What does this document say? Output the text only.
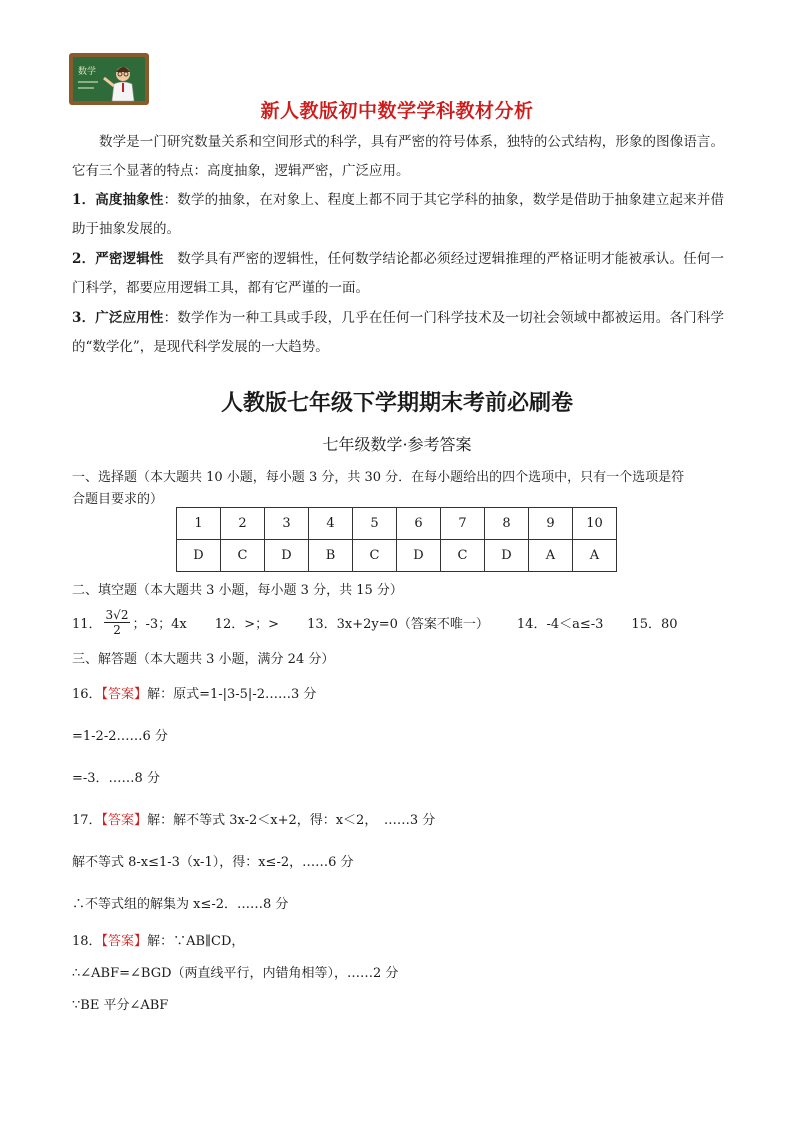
数学
新人教版初中数学学科教材分析
数学是一门研究数量关系和空间形式的科学，具有严密的符号体系，独特的公式结构，形象的图像语言。它有三个显著的特点：高度抽象，逻辑严密，广泛应用。
1．高度抽象性：数学的抽象，在对象上、程度上都不同于其它学科的抽象，数学是借助于抽象建立起来并借助于抽象发展的。
2．严密逻辑性　数学具有严密的逻辑性，任何数学结论都必须经过逻辑推理的严格证明才能被承认。任何一门科学，都要应用逻辑工具，都有它严谨的一面。
3．广泛应用性：数学作为一种工具或手段，几乎在任何一门科学技术及一切社会领域中都被运用。各门科学的“数学化”，是现代科学发展的一大趋势。
人教版七年级下学期期末考前必刷卷
七年级数学·参考答案
一、选择题（本大题共 10 小题，每小题 3 分，共 30 分．在每小题给出的四个选项中，只有一个选项是符
合题目要求的）
1	2	3	4	5	6	7	8	9	10
D	C	D	B	C	D	C	D	A	A
二、填空题（本大题共 3 小题，每小题 3 分，共 15 分）
11． $\frac{3√2}{2}$ ；-3；4x 12．>；> 13．3x+2y=0（答案不唯一） 14．-4＜a≤-3 15．80
三、解答题（本大题共 3 小题，满分 24 分）
16．【答案】解：原式=1-|3-5|-2……3 分
=1-2-2……6 分
=-3．……8 分
17．【答案】解：解不等式 3x-2＜x+2，得：x＜2，　……3 分
解不等式 8-x≤1-3（x-1），得：x≤-2，……6 分
∴不等式组的解集为 x≤-2．……8 分
18．【答案】解：∵AB∥CD，
∴∠ABF=∠BGD（两直线平行，内错角相等），……2 分
∵BE 平分∠ABF
